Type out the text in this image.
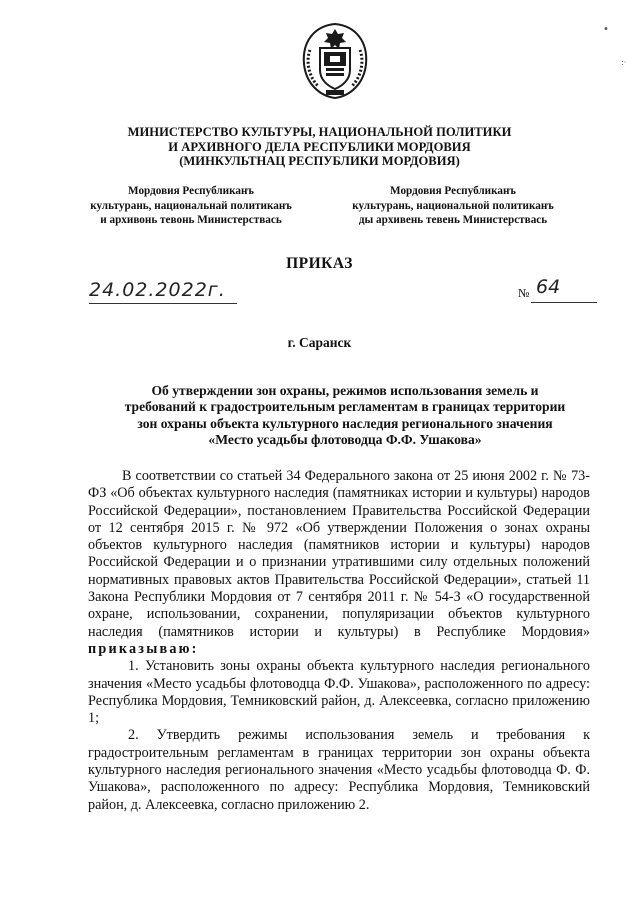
•
:·
МИНИСТЕРСТВО КУЛЬТУРЫ, НАЦИОНАЛЬНОЙ ПОЛИТИКИ
И АРХИВНОГО ДЕЛА РЕСПУБЛИКИ МОРДОВИЯ
(МИНКУЛЬТНАЦ РЕСПУБЛИКИ МОРДОВИЯ)
Мордовия Республиканъ
культурань, национальнай политиканъ
и архивонь тевонь Министерствась
Мордовия Республиканъ
культурань, национальной политиканъ
ды архивень тевень Министерствась
ПРИКАЗ
24.02.2022г.	№ 64
г. Саранск
Об утверждении зон охраны, режимов использования земель и
требований к градостроительным регламентам в границах территории
зон охраны объекта культурного наследия регионального значения
«Место усадьбы флотоводца Ф.Ф. Ушакова»

В соответствии со статьей 34 Федерального закона от 25 июня 2002 г. № 73-ФЗ «Об объектах культурного наследия (памятниках истории и культуры) народов Российской Федерации», постановлением Правительства Российской Федерации от 12 сентября 2015 г. № 972 «Об утверждении Положения о зонах охраны объектов культурного наследия (памятников истории и культуры) народов Российской Федерации и о признании утратившими силу отдельных положений нормативных правовых актов Правительства Российской Федерации», статьей 11 Закона Республики Мордовия от 7 сентября 2011 г. № 54-З «О государственной охране, использовании, сохранении, популяризации объектов культурного наследия (памятников истории и культуры) в Республике Мордовия» приказываю:

1. Установить зоны охраны объекта культурного наследия регионального значения «Место усадьбы флотоводца Ф.Ф. Ушакова», расположенного по адресу: Республика Мордовия, Темниковский район, д. Алексеевка, согласно приложению 1;

2. Утвердить режимы использования земель и требования к градостроительным регламентам в границах территории зон охраны объекта культурного наследия регионального значения «Место усадьбы флотоводца Ф. Ф. Ушакова», расположенного по адресу: Республика Мордовия, Темниковский район, д. Алексеевка, согласно приложению 2.
